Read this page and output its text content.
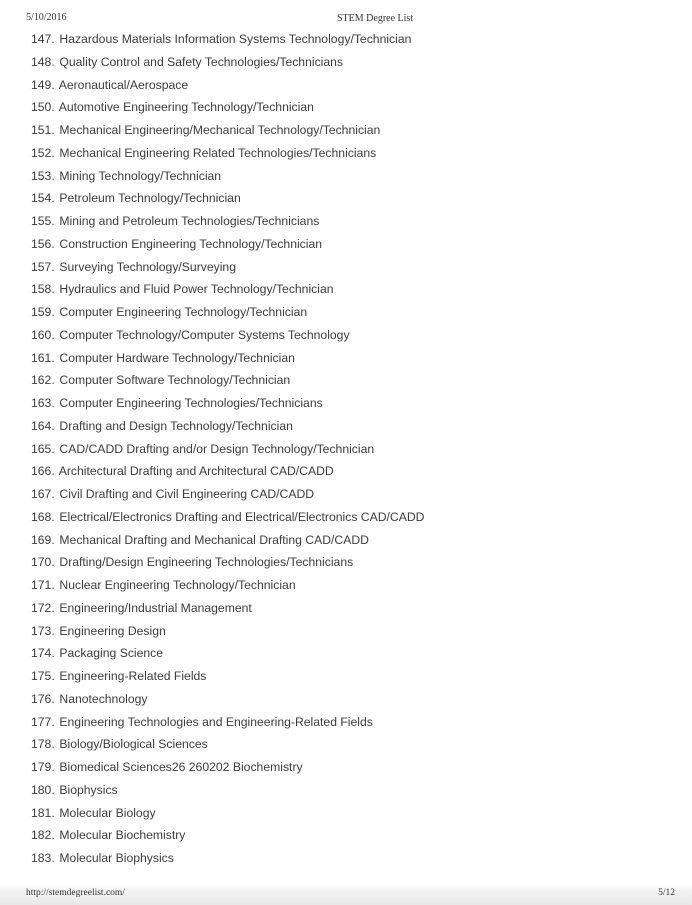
5/10/2016	STEM Degree List
147. Hazardous Materials Information Systems Technology/Technician
148. Quality Control and Safety Technologies/Technicians
149. Aeronautical/Aerospace
150. Automotive Engineering Technology/Technician
151. Mechanical Engineering/Mechanical Technology/Technician
152. Mechanical Engineering Related Technologies/Technicians
153. Mining Technology/Technician
154. Petroleum Technology/Technician
155. Mining and Petroleum Technologies/Technicians
156. Construction Engineering Technology/Technician
157. Surveying Technology/Surveying
158. Hydraulics and Fluid Power Technology/Technician
159. Computer Engineering Technology/Technician
160. Computer Technology/Computer Systems Technology
161. Computer Hardware Technology/Technician
162. Computer Software Technology/Technician
163. Computer Engineering Technologies/Technicians
164. Drafting and Design Technology/Technician
165. CAD/CADD Drafting and/or Design Technology/Technician
166. Architectural Drafting and Architectural CAD/CADD
167. Civil Drafting and Civil Engineering CAD/CADD
168. Electrical/Electronics Drafting and Electrical/Electronics CAD/CADD
169. Mechanical Drafting and Mechanical Drafting CAD/CADD
170. Drafting/Design Engineering Technologies/Technicians
171. Nuclear Engineering Technology/Technician
172. Engineering/Industrial Management
173. Engineering Design
174. Packaging Science
175. Engineering-Related Fields
176. Nanotechnology
177. Engineering Technologies and Engineering-Related Fields
178. Biology/Biological Sciences
179. Biomedical Sciences26 260202 Biochemistry
180. Biophysics
181. Molecular Biology
182. Molecular Biochemistry
183. Molecular Biophysics
http://stemdegreelist.com/	5/12
